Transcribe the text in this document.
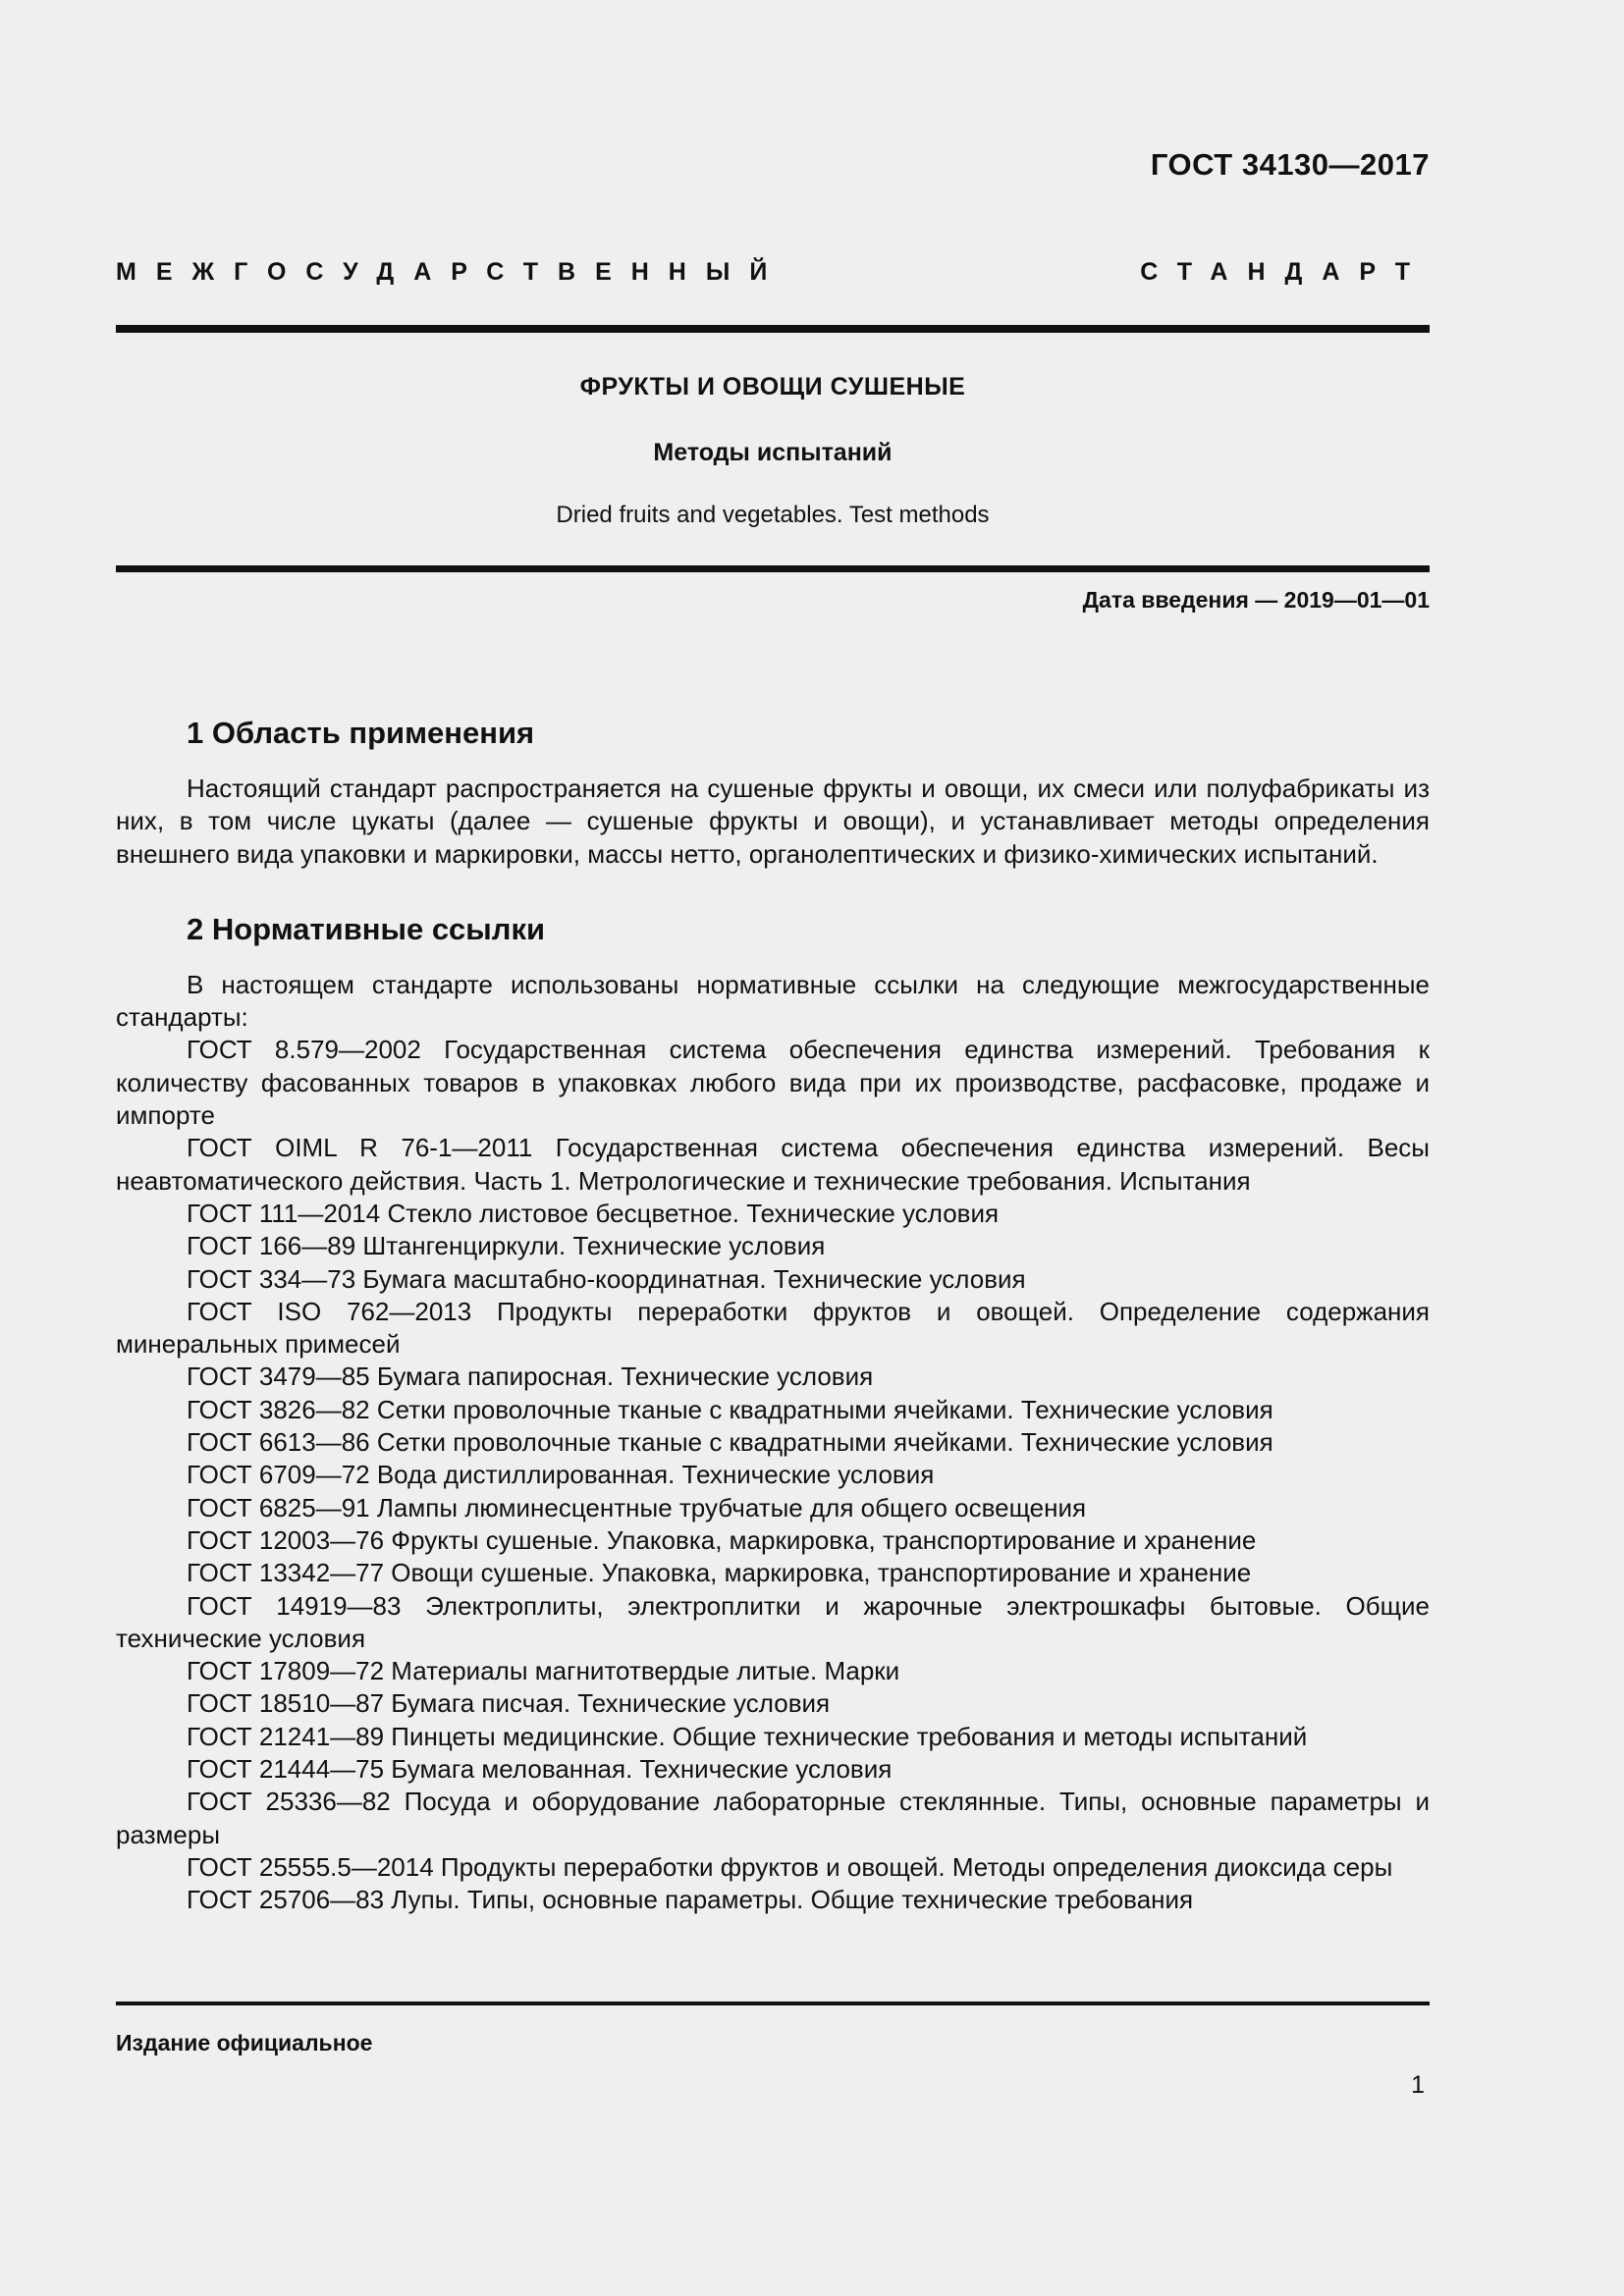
ГОСТ 34130—2017
МЕЖГОСУДАРСТВЕННЫЙ СТАНДАРТ
ФРУКТЫ И ОВОЩИ СУШЕНЫЕ
Методы испытаний
Dried fruits and vegetables. Test methods
Дата введения — 2019—01—01
1 Область применения

Настоящий стандарт распространяется на сушеные фрукты и овощи, их смеси или полуфабрикаты из них, в том числе цукаты (далее — сушеные фрукты и овощи), и устанавливает методы определения внешнего вида упаковки и маркировки, массы нетто, органолептических и физико-химических испытаний.

2 Нормативные ссылки

В настоящем стандарте использованы нормативные ссылки на следующие межгосударственные стандарты:

ГОСТ 8.579—2002 Государственная система обеспечения единства измерений. Требования к количеству фасованных товаров в упаковках любого вида при их производстве, расфасовке, продаже и импорте
ГОСТ OIML R 76-1—2011 Государственная система обеспечения единства измерений. Весы неавтоматического действия. Часть 1. Метрологические и технические требования. Испытания
ГОСТ 111—2014 Стекло листовое бесцветное. Технические условия
ГОСТ 166—89 Штангенциркули. Технические условия
ГОСТ 334—73 Бумага масштабно-координатная. Технические условия
ГОСТ ISO 762—2013 Продукты переработки фруктов и овощей. Определение содержания минеральных примесей
ГОСТ 3479—85 Бумага папиросная. Технические условия
ГОСТ 3826—82 Сетки проволочные тканые с квадратными ячейками. Технические условия
ГОСТ 6613—86 Сетки проволочные тканые с квадратными ячейками. Технические условия
ГОСТ 6709—72 Вода дистиллированная. Технические условия
ГОСТ 6825—91 Лампы люминесцентные трубчатые для общего освещения
ГОСТ 12003—76 Фрукты сушеные. Упаковка, маркировка, транспортирование и хранение
ГОСТ 13342—77 Овощи сушеные. Упаковка, маркировка, транспортирование и хранение
ГОСТ 14919—83 Электроплиты, электроплитки и жарочные электрошкафы бытовые. Общие технические условия
ГОСТ 17809—72 Материалы магнитотвердые литые. Марки
ГОСТ 18510—87 Бумага писчая. Технические условия
ГОСТ 21241—89 Пинцеты медицинские. Общие технические требования и методы испытаний
ГОСТ 21444—75 Бумага мелованная. Технические условия
ГОСТ 25336—82 Посуда и оборудование лабораторные стеклянные. Типы, основные параметры и размеры
ГОСТ 25555.5—2014 Продукты переработки фруктов и овощей. Методы определения диоксида серы
ГОСТ 25706—83 Лупы. Типы, основные параметры. Общие технические требования
Издание официальное
1
